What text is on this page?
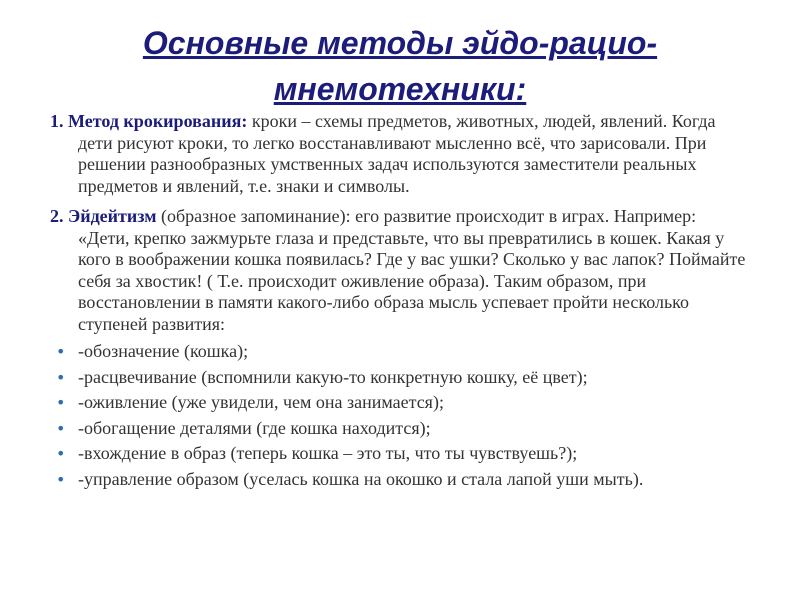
Основные методы эйдо-рацио-
мнемотехники:

1. Метод крокирования: кроки – схемы предметов, животных, людей, явлений. Когда дети рисуют кроки, то легко восстанавливают мысленно всё, что зарисовали. При решении разнообразных умственных задач используются заместители реальных предметов и явлений, т.е. знаки и символы.

2. Эйдейтизм (образное запоминание): его развитие происходит в играх. Например: «Дети, крепко зажмурьте глаза и представьте, что вы превратились в кошек. Какая у кого в воображении кошка появилась? Где у вас ушки? Сколько у вас лапок? Поймайте себя за хвостик! ( Т.е. происходит оживление образа). Таким образом, при восстановлении в памяти какого-либо образа мысль успевает пройти несколько ступеней развития:

• -обозначение (кошка);
• -расцвечивание (вспомнили какую-то конкретную кошку, её цвет);
• -оживление (уже увидели, чем она занимается);
• -обогащение деталями (где кошка находится);
• -вхождение в образ (теперь кошка – это ты, что ты чувствуешь?);
• -управление образом (уселась кошка на окошко и стала лапой уши мыть).
